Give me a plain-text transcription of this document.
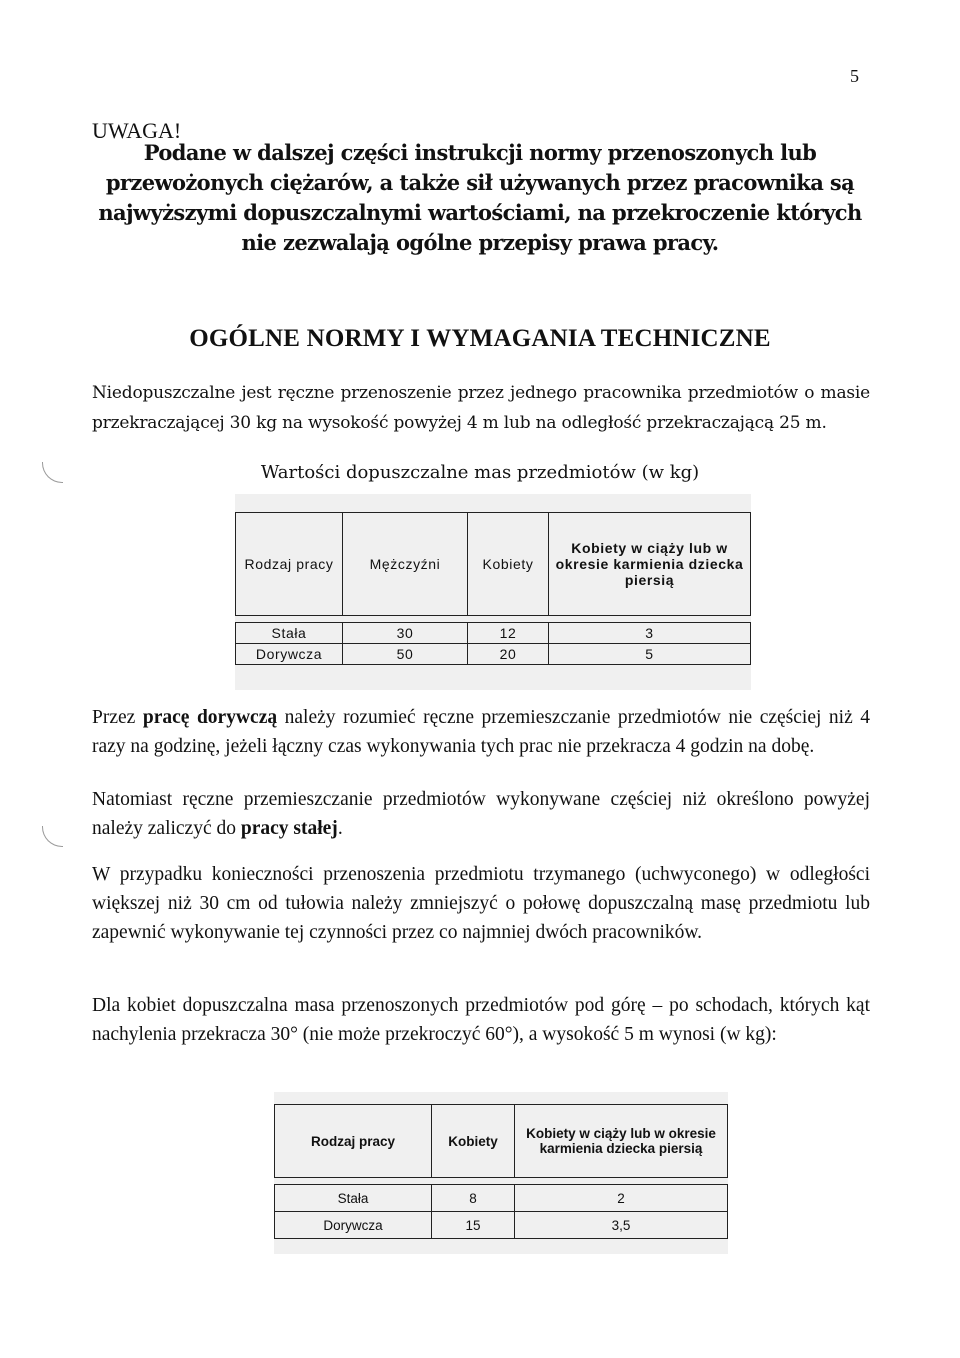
5
UWAGA!
Podane w dalszej części instrukcji normy przenoszonych lub przewożonych ciężarów, a także sił używanych przez pracownika są najwyższymi dopuszczalnymi wartościami, na przekroczenie których nie zezwalają ogólne przepisy prawa pracy.
OGÓLNE NORMY I WYMAGANIA TECHNICZNE
Niedopuszczalne jest ręczne przenoszenie przez jednego pracownika przedmiotów o masie przekraczającej 30 kg na wysokość powyżej 4 m lub na odległość przekraczającą 25 m.
Wartości dopuszczalne mas przedmiotów (w kg)
Rodzaj pracy	Mężczyźni	Kobiety	Kobiety w ciąży lub w okresie karmienia dziecka piersią

Stała	30	12	3
Dorywcza	50	20	5
Przez pracę dorywczą należy rozumieć ręczne przemieszczanie przedmiotów nie częściej niż 4 razy na godzinę, jeżeli łączny czas wykonywania tych prac nie przekracza 4 godzin na dobę.
Natomiast ręczne przemieszczanie przedmiotów wykonywane częściej niż określono powyżej należy zaliczyć do pracy stałej.
W przypadku konieczności przenoszenia przedmiotu trzymanego (uchwyconego) w odległości większej niż 30 cm od tułowia należy zmniejszyć o połowę dopuszczalną masę przedmiotu lub zapewnić wykonywanie tej czynności przez co najmniej dwóch pracowników.
Dla kobiet dopuszczalna masa przenoszonych przedmiotów pod górę – po schodach, których kąt nachylenia przekracza 30° (nie może przekroczyć 60°), a wysokość 5 m wynosi (w kg):
Rodzaj pracy	Kobiety	Kobiety w ciąży lub w okresie karmienia dziecka piersią

Stała	8	2
Dorywcza	15	3,5
